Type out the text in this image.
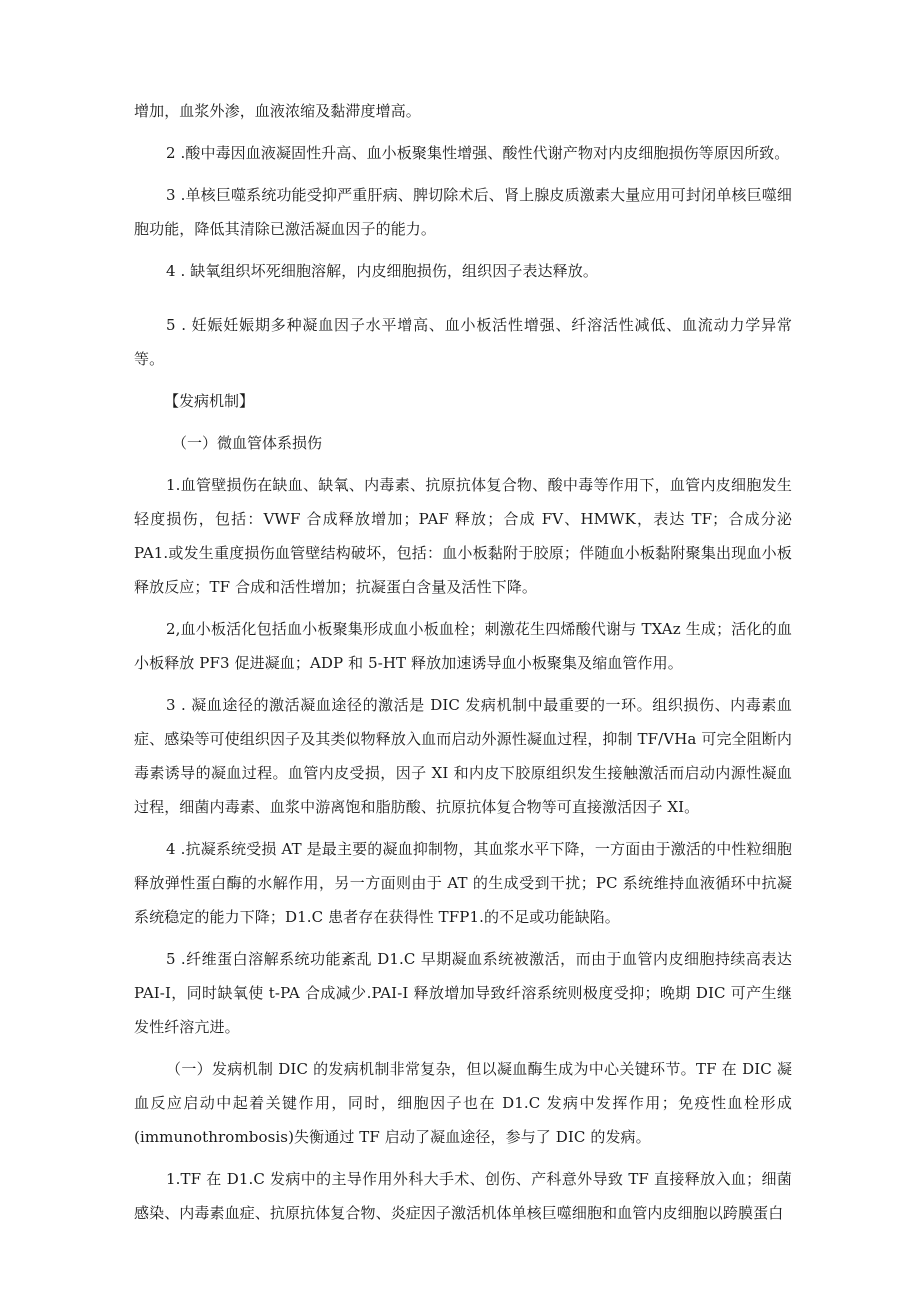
增加，血浆外渗，血液浓缩及黏滞度增高。

2 .酸中毒因血液凝固性升高、血小板聚集性增强、酸性代谢产物对内皮细胞损伤等原因所致。

3 .单核巨噬系统功能受抑严重肝病、脾切除术后、肾上腺皮质激素大量应用可封闭单核巨噬细胞功能，降低其清除已激活凝血因子的能力。

4 . 缺氧组织坏死细胞溶解，内皮细胞损伤，组织因子表达释放。

5 . 妊娠妊娠期多种凝血因子水平增高、血小板活性增强、纤溶活性减低、血流动力学异常等。

【发病机制】

（一）微血管体系损伤

1.血管壁损伤在缺血、缺氧、内毒素、抗原抗体复合物、酸中毒等作用下，血管内皮细胞发生轻度损伤，包括：VWF 合成释放增加；PAF 释放；合成 FV、HMWK，表达 TF；合成分泌 PA1.或发生重度损伤血管壁结构破坏，包括：血小板黏附于胶原；伴随血小板黏附聚集出现血小板释放反应；TF 合成和活性增加；抗凝蛋白含量及活性下降。

2,血小板活化包括血小板聚集形成血小板血栓；刺激花生四烯酸代谢与 TXAz 生成；活化的血小板释放 PF3 促进凝血；ADP 和 5-HT 释放加速诱导血小板聚集及缩血管作用。

3 . 凝血途径的激活凝血途径的激活是 DIC 发病机制中最重要的一环。组织损伤、内毒素血症、感染等可使组织因子及其类似物释放入血而启动外源性凝血过程，抑制 TF/VHa 可完全阻断内毒素诱导的凝血过程。血管内皮受损，因子 XI 和内皮下胶原组织发生接触激活而启动内源性凝血过程，细菌内毒素、血浆中游离饱和脂肪酸、抗原抗体复合物等可直接激活因子 XI。

4 .抗凝系统受损 AT 是最主要的凝血抑制物，其血浆水平下降，一方面由于激活的中性粒细胞释放弹性蛋白酶的水解作用，另一方面则由于 AT 的生成受到干扰；PC 系统维持血液循环中抗凝系统稳定的能力下降；D1.C 患者存在获得性 TFP1.的不足或功能缺陷。

5 .纤维蛋白溶解系统功能紊乱 D1.C 早期凝血系统被激活，而由于血管内皮细胞持续高表达 PAI-I，同时缺氧使 t-PA 合成减少.PAI-I 释放增加导致纤溶系统则极度受抑；晚期 DIC 可产生继发性纤溶亢进。

（一）发病机制 DIC 的发病机制非常复杂，但以凝血酶生成为中心关键环节。TF 在 DIC 凝血反应启动中起着关键作用，同时，细胞因子也在 D1.C 发病中发挥作用；免疫性血栓形成(immunothrombosis)失衡通过 TF 启动了凝血途径，参与了 DIC 的发病。

1.TF 在 D1.C 发病中的主导作用外科大手术、创伤、产科意外导致 TF 直接释放入血；细菌感染、内毒素血症、抗原抗体复合物、炎症因子激活机体单核巨噬细胞和血管内皮细胞以跨膜蛋白
